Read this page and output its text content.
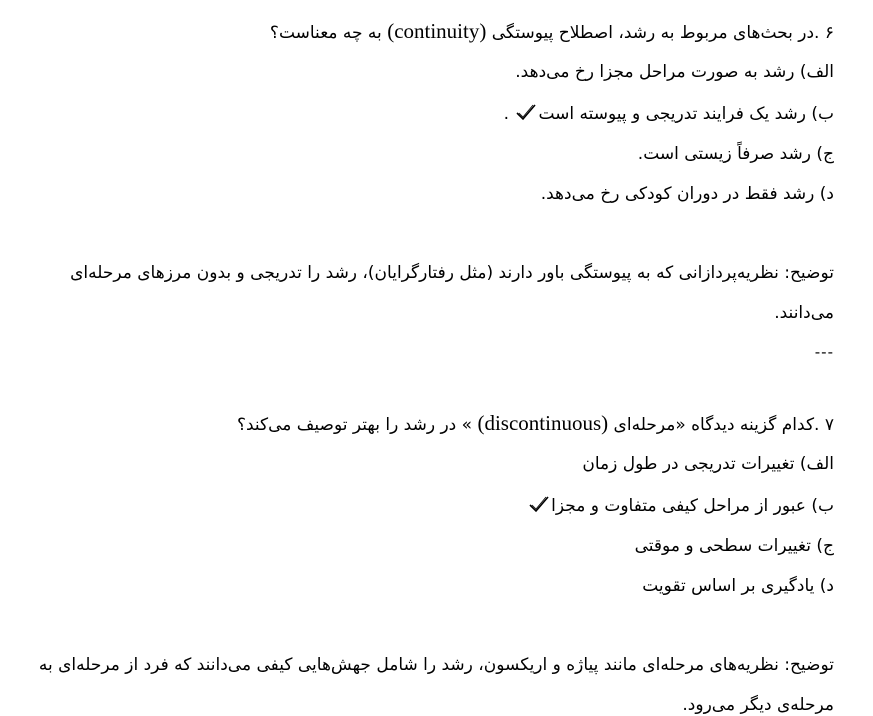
۶ .در بحث‌های مربوط به رشد، اصطلاح پیوستگی (continuity) به چه معناست؟
الف) رشد به صورت مراحل مجزا رخ می‌دهد.
ب) رشد یک فرایند تدریجی و پیوسته است .
ج) رشد صرفاً زیستی است.
د) رشد فقط در دوران کودکی رخ می‌دهد.
توضیح: نظریه‌پردازانی که به پیوستگی باور دارند (مثل رفتارگرایان)، رشد را تدریجی و بدون مرزهای مرحله‌ای
می‌دانند.
---
۷ .کدام گزینه دیدگاه «مرحله‌ای (discontinuous) » در رشد را بهتر توصیف می‌کند؟
الف) تغییرات تدریجی در طول زمان
ب) عبور از مراحل کیفی متفاوت و مجزا
ج) تغییرات سطحی و موقتی
د) یادگیری بر اساس تقویت
توضیح: نظریه‌های مرحله‌ای مانند پیاژه و اریکسون، رشد را شامل جهش‌هایی کیفی می‌دانند که فرد از مرحله‌ای به
مرحله‌ی دیگر می‌رود.
